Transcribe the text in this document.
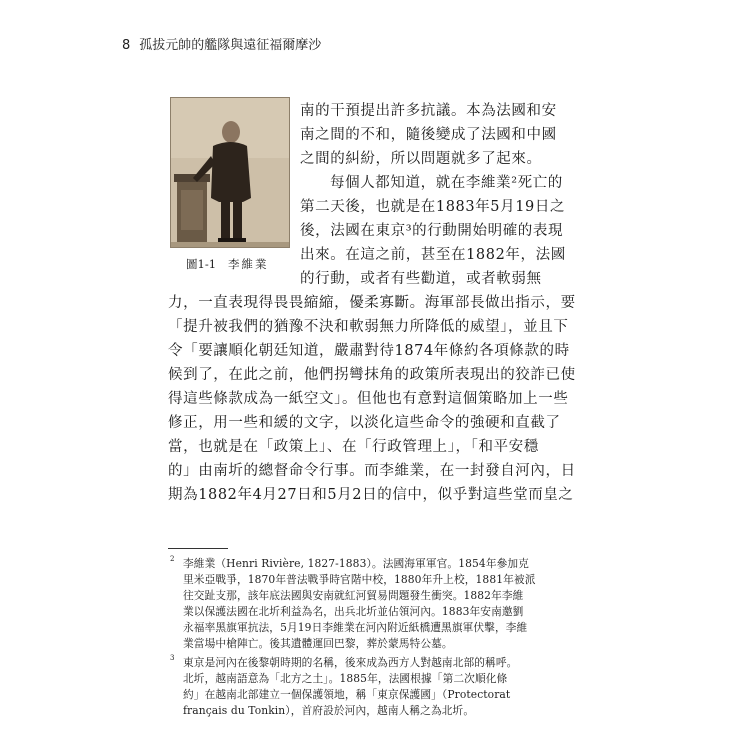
8 孤拔元帥的艦隊與遠征福爾摩沙
圖1-1 李維業
南的干預提出許多抗議。本為法國和安
南之間的不和，隨後變成了法國和中國
之間的糾紛，所以問題就多了起來。
每個人都知道，就在李維業²死亡的
第二天後，也就是在1883年5月19日之
後，法國在東京³的行動開始明確的表現
出來。在這之前，甚至在1882年，法國
的行動，或者有些勸道，或者軟弱無
力，一直表現得畏畏縮縮，優柔寡斷。海軍部長做出指示，要
「提升被我們的猶豫不決和軟弱無力所降低的威望」，並且下
令「要讓順化朝廷知道，嚴肅對待1874年條約各項條款的時
候到了，在此之前，他們拐彎抹角的政策所表現出的狡詐已使
得這些條款成為一紙空文」。但他也有意對這個策略加上一些
修正，用一些和緩的文字，以淡化這些命令的強硬和直截了
當，也就是在「政策上」、在「行政管理上」，「和平安穩
的」由南圻的總督命令行事。而李維業，在一封發自河內，日
期為1882年4月27日和5月2日的信中，似乎對這些堂而皇之
2 李維業（Henri Rivière, 1827-1883）。法國海軍軍官。1854年參加克
里米亞戰爭，1870年普法戰爭時官階中校，1880年升上校，1881年被派
往交趾支那，該年底法國與安南就紅河貿易問題發生衝突。1882年李維
業以保護法國在北圻利益為名，出兵北圻並佔領河內。1883年安南邀劉
永福率黑旗軍抗法，5月19日李維業在河內附近紙橋遭黑旗軍伏擊，李維
業當場中槍陣亡。後其遺體運回巴黎，葬於蒙馬特公墓。
3 東京是河內在後黎朝時期的名稱，後來成為西方人對越南北部的稱呼。
北圻，越南語意為「北方之土」。1885年，法國根據「第二次順化條
約」在越南北部建立一個保護領地，稱「東京保護國」（Protectorat
français du Tonkin），首府設於河內，越南人稱之為北圻。
